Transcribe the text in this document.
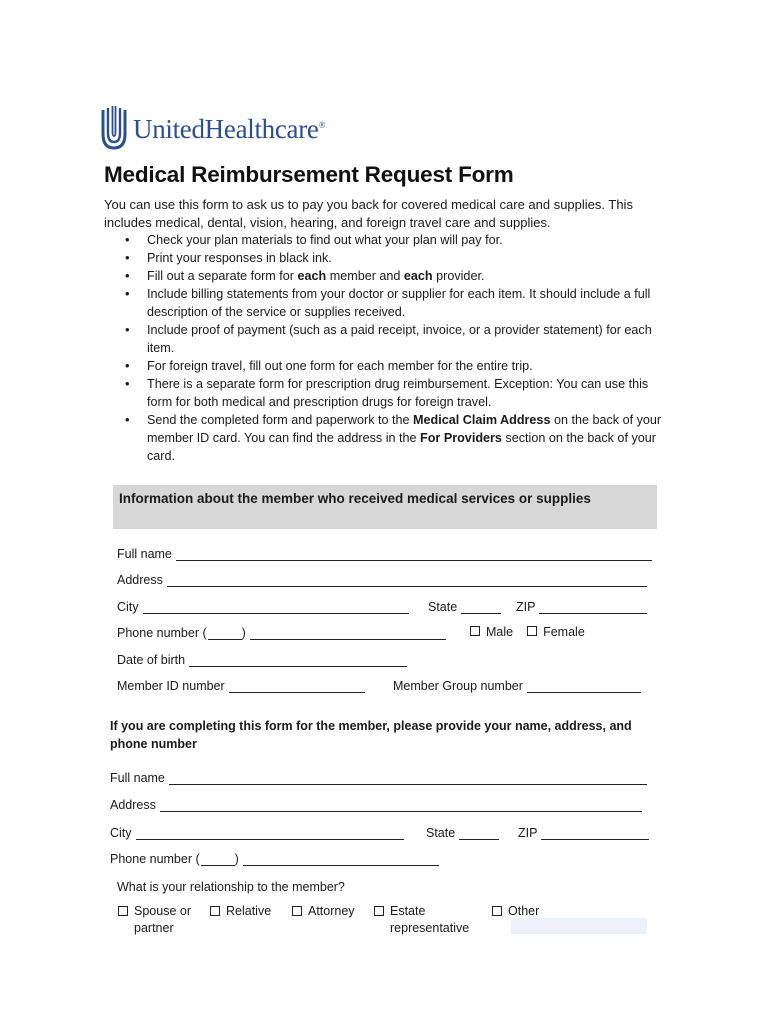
UnitedHealthcare®
Medical Reimbursement Request Form
You can use this form to ask us to pay you back for covered medical care and supplies. This includes medical, dental, vision, hearing, and foreign travel care and supplies.
• Check your plan materials to find out what your plan will pay for.
• Print your responses in black ink.
• Fill out a separate form for each member and each provider.
• Include billing statements from your doctor or supplier for each item. It should include a full description of the service or supplies received.
• Include proof of payment (such as a paid receipt, invoice, or a provider statement) for each item.
• For foreign travel, fill out one form for each member for the entire trip.
• There is a separate form for prescription drug reimbursement. Exception: You can use this form for both medical and prescription drugs for foreign travel.
• Send the completed form and paperwork to the Medical Claim Address on the back of your member ID card. You can find the address in the For Providers section on the back of your card.
Information about the member who received medical services or supplies
Full name
Address
City	State	ZIP
Phone number (	)	Male Female
Date of birth
Member ID number	Member Group number
If you are completing this form for the member, please provide your name, address, and phone number
Full name
Address
City	State	ZIP
Phone number (	)
What is your relationship to the member?
Spouse or
partner
Relative	Attorney	Estate
representative
Other
